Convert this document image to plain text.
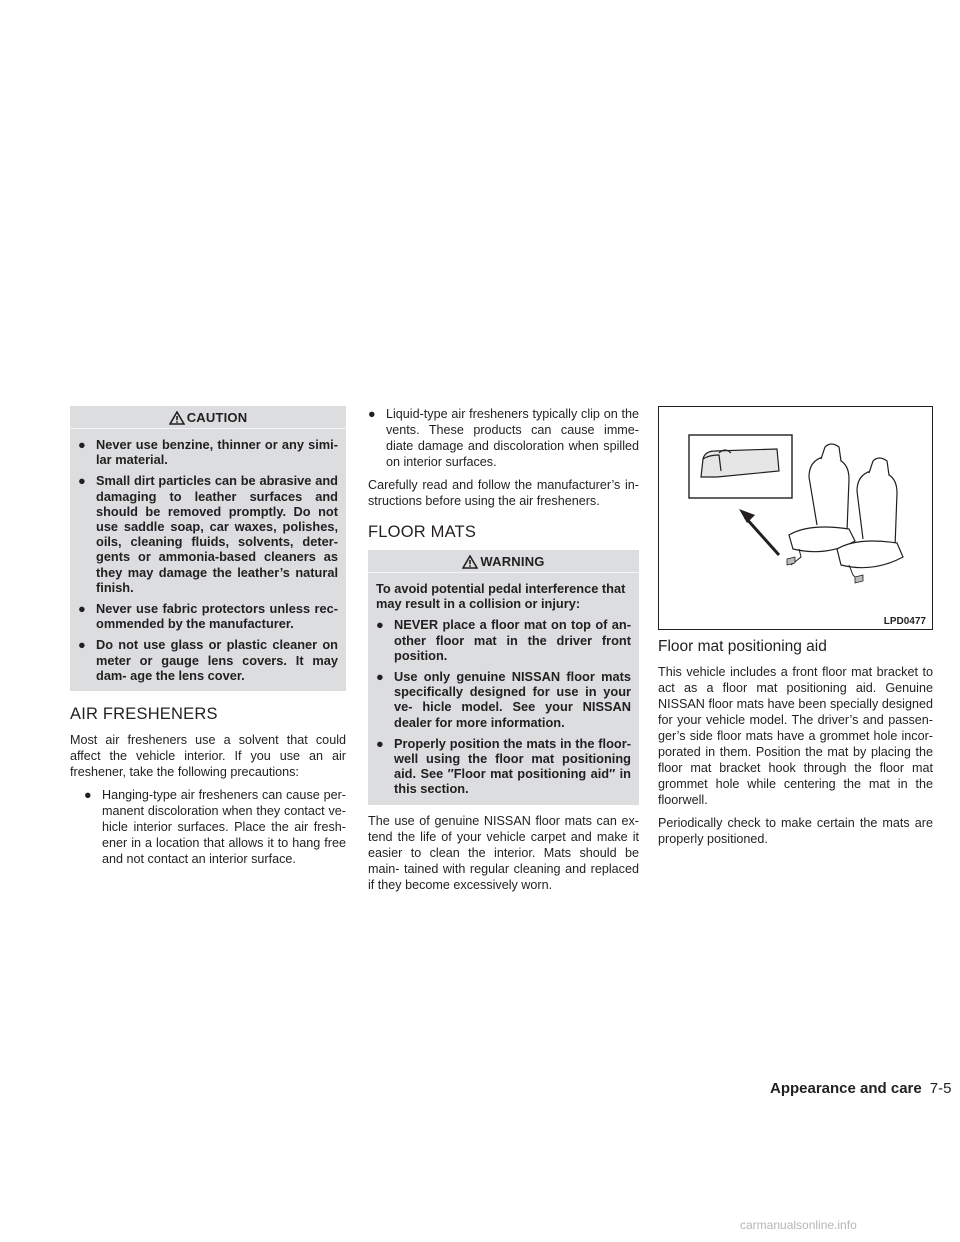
CAUTION
● Never use benzine, thinner or any simi- lar material.
● Small dirt particles can be abrasive and damaging to leather surfaces and should be removed promptly. Do not use saddle soap, car waxes, polishes, oils, cleaning fluids, solvents, deter- gents or ammonia-based cleaners as they may damage the leather’s natural finish.
● Never use fabric protectors unless rec- ommended by the manufacturer.
● Do not use glass or plastic cleaner on meter or gauge lens covers. It may dam- age the lens cover.
AIR FRESHENERS

Most air fresheners use a solvent that could affect the vehicle interior. If you use an air freshener, take the following precautions:

● Hanging-type air fresheners can cause per- manent discoloration when they contact ve- hicle interior surfaces. Place the air fresh- ener in a location that allows it to hang free and not contact an interior surface.
● Liquid-type air fresheners typically clip on the vents. These products can cause imme- diate damage and discoloration when spilled on interior surfaces.

Carefully read and follow the manufacturer’s in- structions before using the air fresheners.

FLOOR MATS
WARNING

To avoid potential pedal interference that may result in a collision or injury:

● NEVER place a floor mat on top of an- other floor mat in the driver front position.
● Use only genuine NISSAN floor mats specifically designed for use in your ve- hicle model. See your NISSAN dealer for more information.
● Properly position the mats in the floor- well using the floor mat positioning aid. See ″Floor mat positioning aid″ in this section.

The use of genuine NISSAN floor mats can ex- tend the life of your vehicle carpet and make it easier to clean the interior. Mats should be main- tained with regular cleaning and replaced if they become excessively worn.

LPD0477
Floor mat positioning aid

This vehicle includes a front floor mat bracket to act as a floor mat positioning aid. Genuine NISSAN floor mats have been specially designed for your vehicle model. The driver’s and passen- ger’s side floor mats have a grommet hole incor- porated in them. Position the mat by placing the floor mat bracket hook through the floor mat grommet hole while centering the mat in the floorwell.

Periodically check to make certain the mats are properly positioned.

Appearance and care 7-5
carmanualsonline.info
